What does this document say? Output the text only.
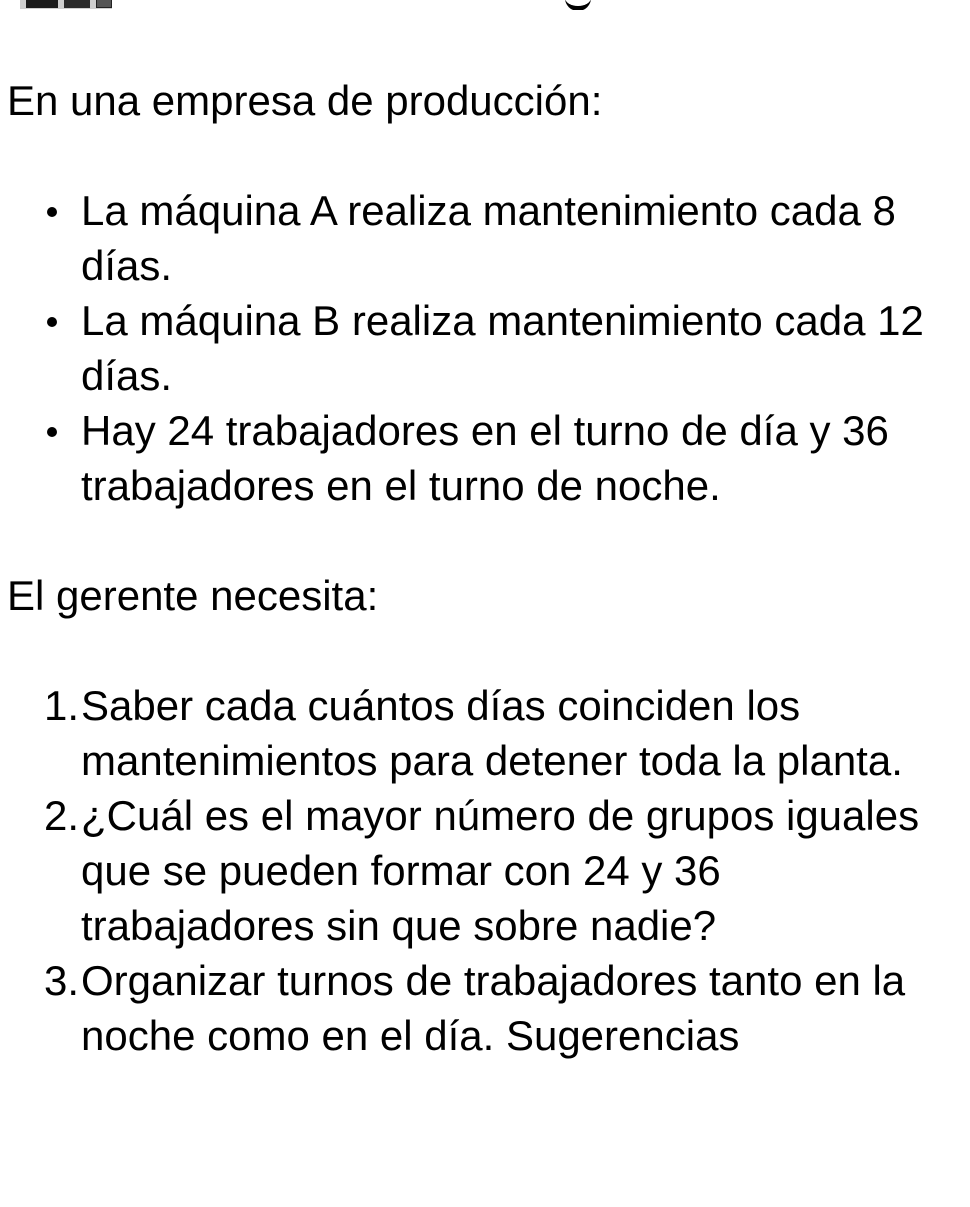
En una empresa de producción:

La máquina A realiza mantenimiento cada 8 días.
La máquina B realiza mantenimiento cada 12 días.
Hay 24 trabajadores en el turno de día y 36 trabajadores en el turno de noche.

El gerente necesita:

1. Saber cada cuántos días coinciden los mantenimientos para detener toda la planta.
2. ¿Cuál es el mayor número de grupos iguales que se pueden formar con 24 y 36 trabajadores sin que sobre nadie?
3. Organizar turnos de trabajadores tanto en la noche como en el día. Sugerencias
